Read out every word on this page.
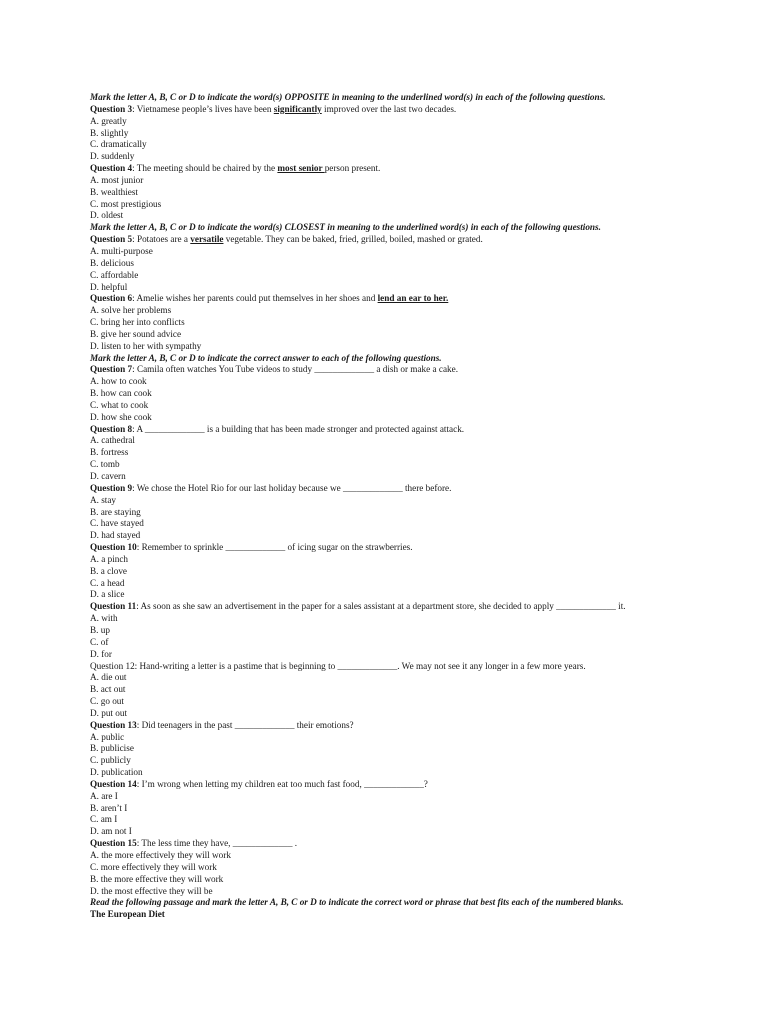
Mark the letter A, B, C or D to indicate the word(s) OPPOSITE in meaning to the underlined word(s) in each of the following questions.
Question 3: Vietnamese people’s lives have been significantly improved over the last two decades.
A. greatly
B. slightly
C. dramatically
D. suddenly
Question 4: The meeting should be chaired by the most senior person present.
A. most junior
B. wealthiest
C. most prestigious
D. oldest
Mark the letter A, B, C or D to indicate the word(s) CLOSEST in meaning to the underlined word(s) in each of the following questions.
Question 5: Potatoes are a versatile vegetable. They can be baked, fried, grilled, boiled, mashed or grated.
A. multi-purpose
B. delicious
C. affordable
D. helpful
Question 6: Amelie wishes her parents could put themselves in her shoes and lend an ear to her.
A. solve her problems
C. bring her into conflicts
B. give her sound advice
D. listen to her with sympathy
Mark the letter A, B, C or D to indicate the correct answer to each of the following questions.
Question 7: Camila often watches You Tube videos to study _____________ a dish or make a cake.
A. how to cook
B. how can cook
C. what to cook
D. how she cook
Question 8: A _____________ is a building that has been made stronger and protected against attack.
A. cathedral
B. fortress
C. tomb
D. cavern
Question 9: We chose the Hotel Rio for our last holiday because we _____________ there before.
A. stay
B. are staying
C. have stayed
D. had stayed
Question 10: Remember to sprinkle _____________ of icing sugar on the strawberries.
A. a pinch
B. a clove
C. a head
D. a slice
Question 11: As soon as she saw an advertisement in the paper for a sales assistant at a department store, she decided to apply _____________ it.
A. with
B. up
C. of
D. for
Question 12: Hand-writing a letter is a pastime that is beginning to _____________. We may not see it any longer in a few more years.
A. die out
B. act out
C. go out
D. put out
Question 13: Did teenagers in the past _____________ their emotions?
A. public
B. publicise
C. publicly
D. publication
Question 14: I’m wrong when letting my children eat too much fast food, _____________?
A. are I
B. aren’t I
C. am I
D. am not I
Question 15: The less time they have, _____________ .
A. the more effectively they will work
C. more effectively they will work
B. the more effective they will work
D. the most effective they will be
Read the following passage and mark the letter A, B, C or D to indicate the correct word or phrase that best fits each of the numbered blanks.
The European Diet
